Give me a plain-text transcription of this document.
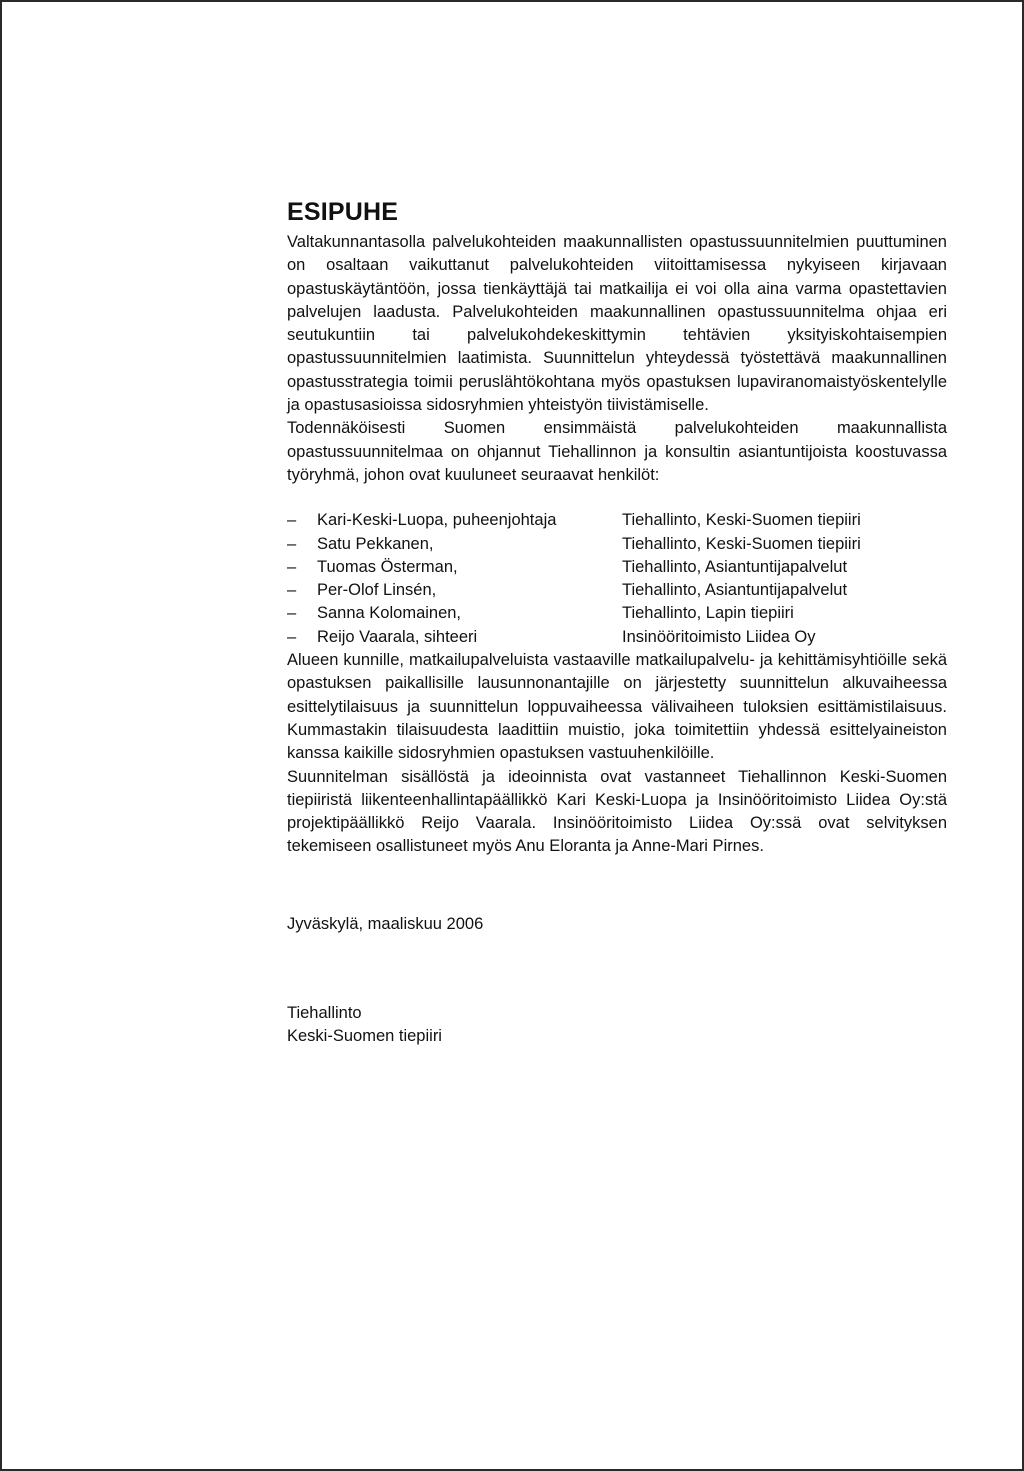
ESIPUHE

Valtakunnantasolla palvelukohteiden maakunnallisten opastussuunnitelmien puuttuminen on osaltaan vaikuttanut palvelukohteiden viitoittamisessa nykyiseen kirjavaan opastuskäytäntöön, jossa tienkäyttäjä tai matkailija ei voi olla aina varma opastettavien palvelujen laadusta. Palvelukohteiden maakunnallinen opastussuunnitelma ohjaa eri seutukuntiin tai palvelukohdekeskittymin tehtävien yksityiskohtaisempien opastussuunnitelmien laatimista. Suunnittelun yhteydessä työstettävä maakunnallinen opastusstrategia toimii peruslähtökohtana myös opastuksen lupaviranomaistyöskentelylle ja opastusasioissa sidosryhmien yhteistyön tiivistämiselle.

Todennäköisesti Suomen ensimmäistä palvelukohteiden maakunnallista opastussuunnitelmaa on ohjannut Tiehallinnon ja konsultin asiantuntijoista koostuvassa työryhmä, johon ovat kuuluneet seuraavat henkilöt:

–	Kari-Keski-Luopa, puheenjohtaja	Tiehallinto, Keski-Suomen tiepiiri
–	Satu Pekkanen,	Tiehallinto, Keski-Suomen tiepiiri
–	Tuomas Österman,	Tiehallinto, Asiantuntijapalvelut
–	Per-Olof Linsén,	Tiehallinto, Asiantuntijapalvelut
–	Sanna Kolomainen,	Tiehallinto, Lapin tiepiiri
–	Reijo Vaarala, sihteeri	Insinööritoimisto Liidea Oy

Alueen kunnille, matkailupalveluista vastaaville matkailupalvelu- ja kehittämisyhtiöille sekä opastuksen paikallisille lausunnonantajille on järjestetty suunnittelun alkuvaiheessa esittelytilaisuus ja suunnittelun loppuvaiheessa välivaiheen tuloksien esittämistilaisuus. Kummastakin tilaisuudesta laadittiin muistio, joka toimitettiin yhdessä esittelyaineiston kanssa kaikille sidosryhmien opastuksen vastuuhenkilöille.

Suunnitelman sisällöstä ja ideoinnista ovat vastanneet Tiehallinnon Keski-Suomen tiepiiristä liikenteenhallintapäällikkö Kari Keski-Luopa ja Insinööritoimisto Liidea Oy:stä projektipäällikkö Reijo Vaarala. Insinööritoimisto Liidea Oy:ssä ovat selvityksen tekemiseen osallistuneet myös Anu Eloranta ja Anne-Mari Pirnes.

Jyväskylä, maaliskuu 2006
Tiehallinto
Keski-Suomen tiepiiri
